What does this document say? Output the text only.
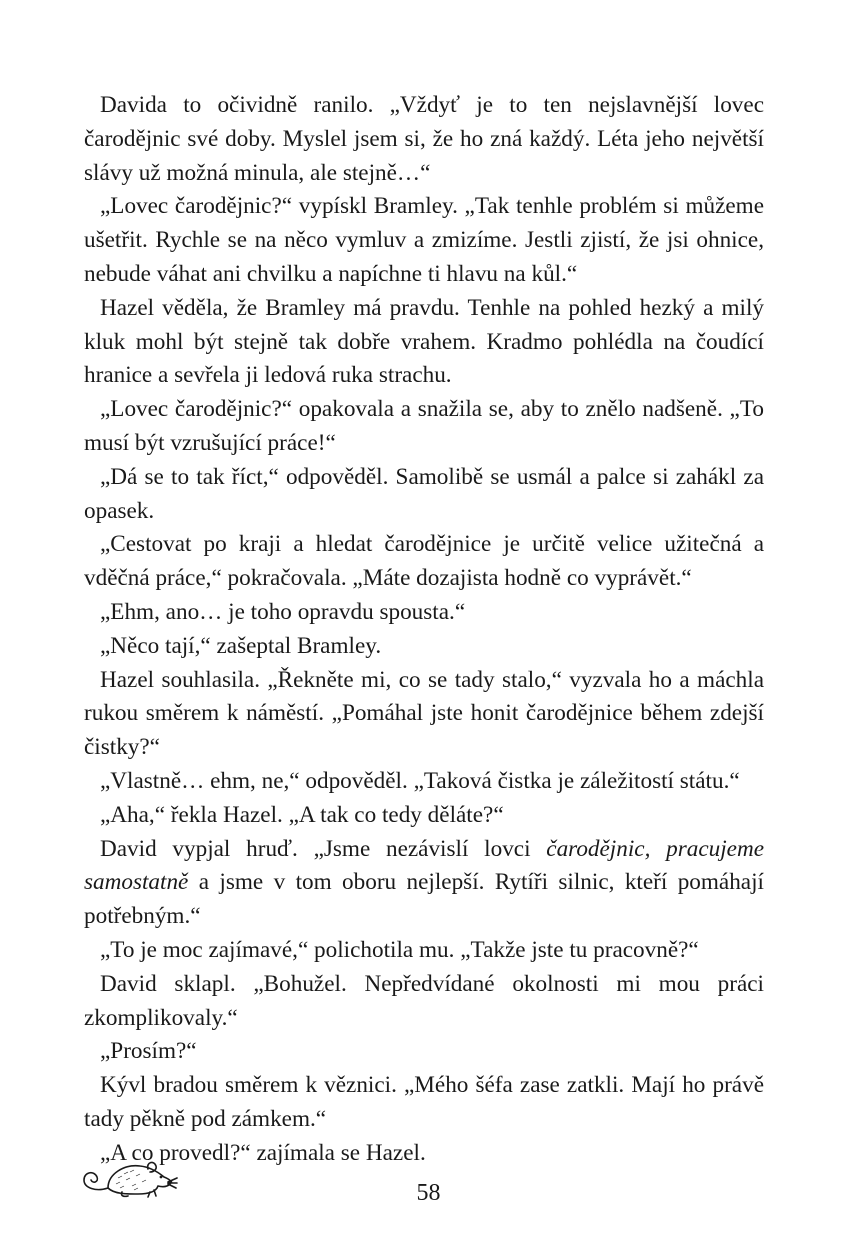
Davida to očividně ranilo. „Vždyť je to ten nejslavnější lovec čarodějnic své doby. Myslel jsem si, že ho zná každý. Léta jeho největší slávy už možná minula, ale stejně…“

„Lovec čarodějnic?“ vypískl Bramley. „Tak tenhle problém si můžeme ušetřit. Rychle se na něco vymluv a zmizíme. Jestli zjistí, že jsi ohnice, nebude váhat ani chvilku a napíchne ti hlavu na kůl.“

Hazel věděla, že Bramley má pravdu. Tenhle na pohled hezký a milý kluk mohl být stejně tak dobře vrahem. Kradmo pohlédla na čoudící hranice a sevřela ji ledová ruka strachu.

„Lovec čarodějnic?“ opakovala a snažila se, aby to znělo nadšeně. „To musí být vzrušující práce!“

„Dá se to tak říct,“ odpověděl. Samolibě se usmál a palce si zahákl za opasek.

„Cestovat po kraji a hledat čarodějnice je určitě velice užitečná a vděčná práce,“ pokračovala. „Máte dozajista hodně co vyprávět.“

„Ehm, ano… je toho opravdu spousta.“

„Něco tají,“ zašeptal Bramley.

Hazel souhlasila. „Řekněte mi, co se tady stalo,“ vyzvala ho a máchla rukou směrem k náměstí. „Pomáhal jste honit čarodějnice během zdejší čistky?“

„Vlastně… ehm, ne,“ odpověděl. „Taková čistka je záležitostí státu.“

„Aha,“ řekla Hazel. „A tak co tedy děláte?“

David vypjal hruď. „Jsme nezávislí lovci čarodějnic, pracujeme samostatně a jsme v tom oboru nejlepší. Rytíři silnic, kteří pomáhají potřebným.“

„To je moc zajímavé,“ polichotila mu. „Takže jste tu pracovně?“

David sklapl. „Bohužel. Nepředvídané okolnosti mi mou práci zkomplikovaly.“

„Prosím?“

Kývl bradou směrem k věznici. „Mého šéfa zase zatkli. Mají ho právě tady pěkně pod zámkem.“

„A co provedl?“ zajímala se Hazel.

58
